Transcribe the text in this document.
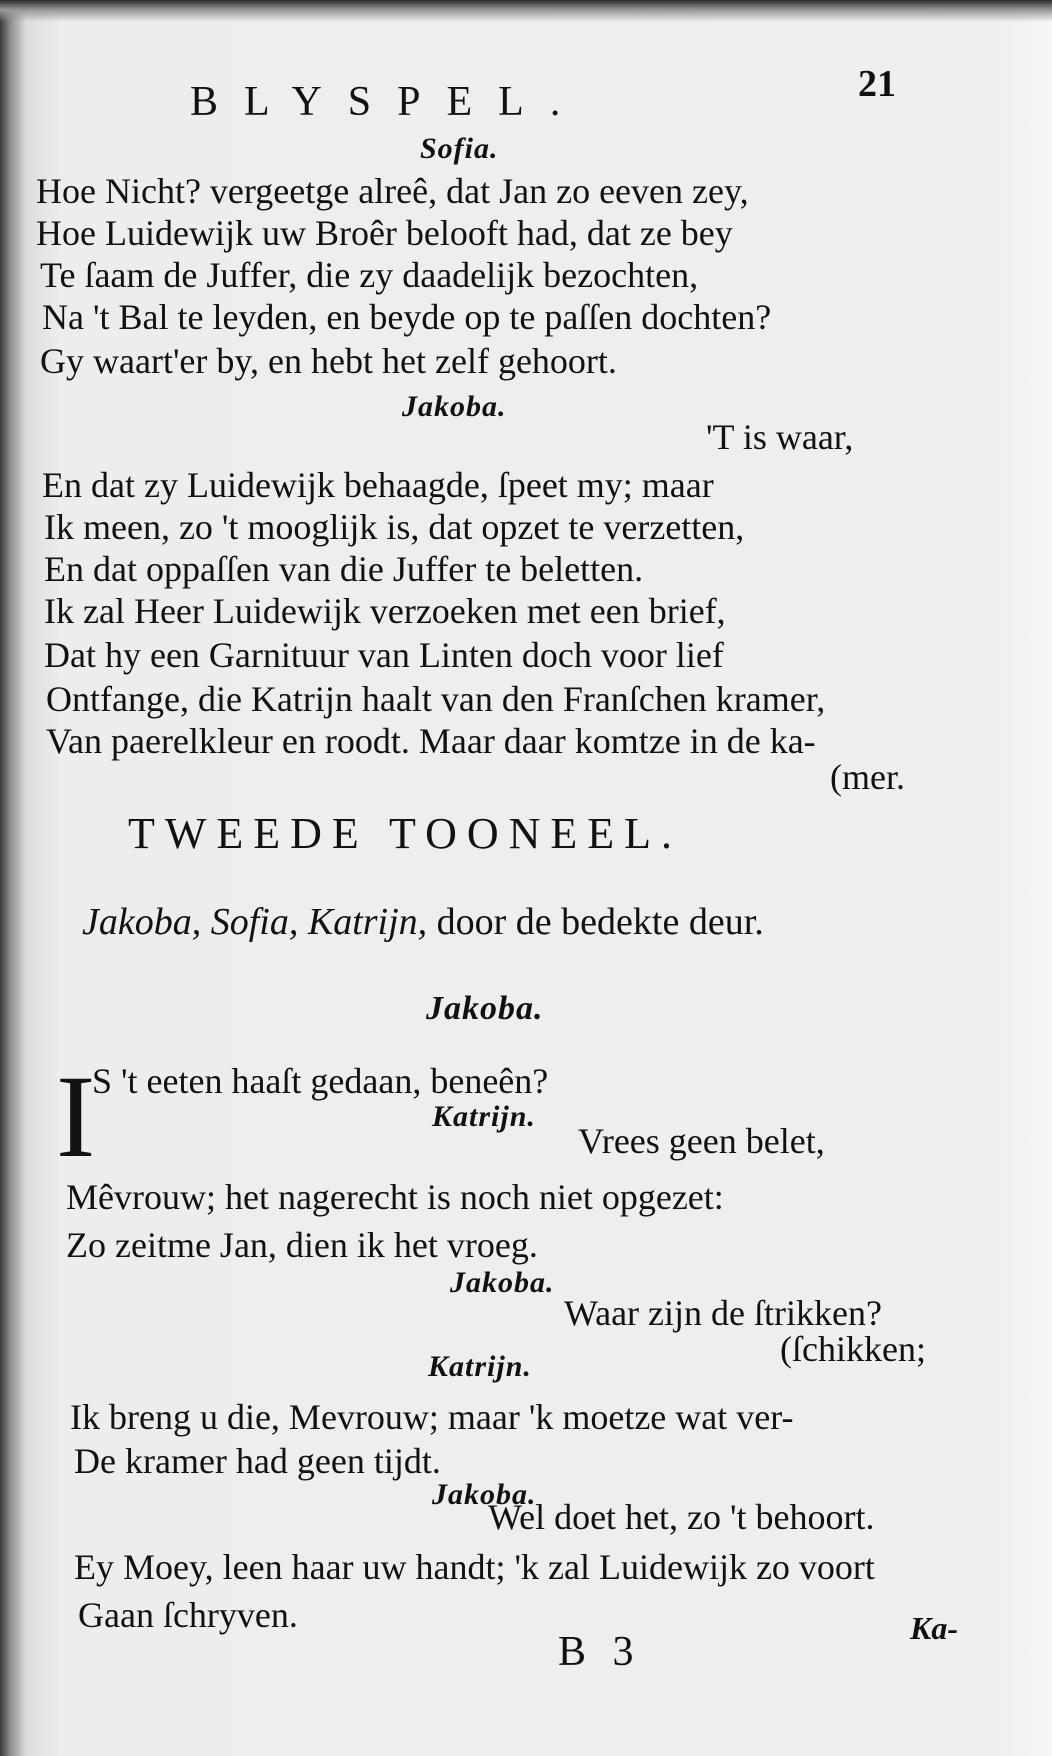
BLYSPEL.	21
Sofia.
Hoe Nicht? vergeetge alreê, dat Jan zo eeven zey,
Hoe Luidewijk uw Broêr belooft had, dat ze bey
Te ſaam de Juffer, die zy daadelijk bezochten,
Na 't Bal te leyden, en beyde op te paſſen dochten?
Gy waart'er by, en hebt het zelf gehoort.
Jakoba.
'T is waar,
En dat zy Luidewijk behaagde, ſpeet my; maar
Ik meen, zo 't mooglijk is, dat opzet te verzetten,
En dat oppaſſen van die Juffer te beletten.
Ik zal Heer Luidewijk verzoeken met een brief,
Dat hy een Garnituur van Linten doch voor lief
Ontfange, die Katrijn haalt van den Franſchen kramer,
Van paerelkleur en roodt. Maar daar komtze in de ka-
(mer.
TWEEDE TOONEEL.
Jakoba, Sofia, Katrijn, door de bedekte deur.
Jakoba.
I
S 't eeten haaſt gedaan, beneên?
Katrijn.
Vrees geen belet,
Mêvrouw; het nagerecht is noch niet opgezet:
Zo zeitme Jan, dien ik het vroeg.
Jakoba.
Waar zijn de ſtrikken?
(ſchikken;
Katrijn.
Ik breng u die, Mevrouw; maar 'k moetze wat ver-
De kramer had geen tijdt.
Jakoba.
Wel doet het, zo 't behoort.
Ey Moey, leen haar uw handt; 'k zal Luidewijk zo voort
Gaan ſchryven.
B 3
Ka-
